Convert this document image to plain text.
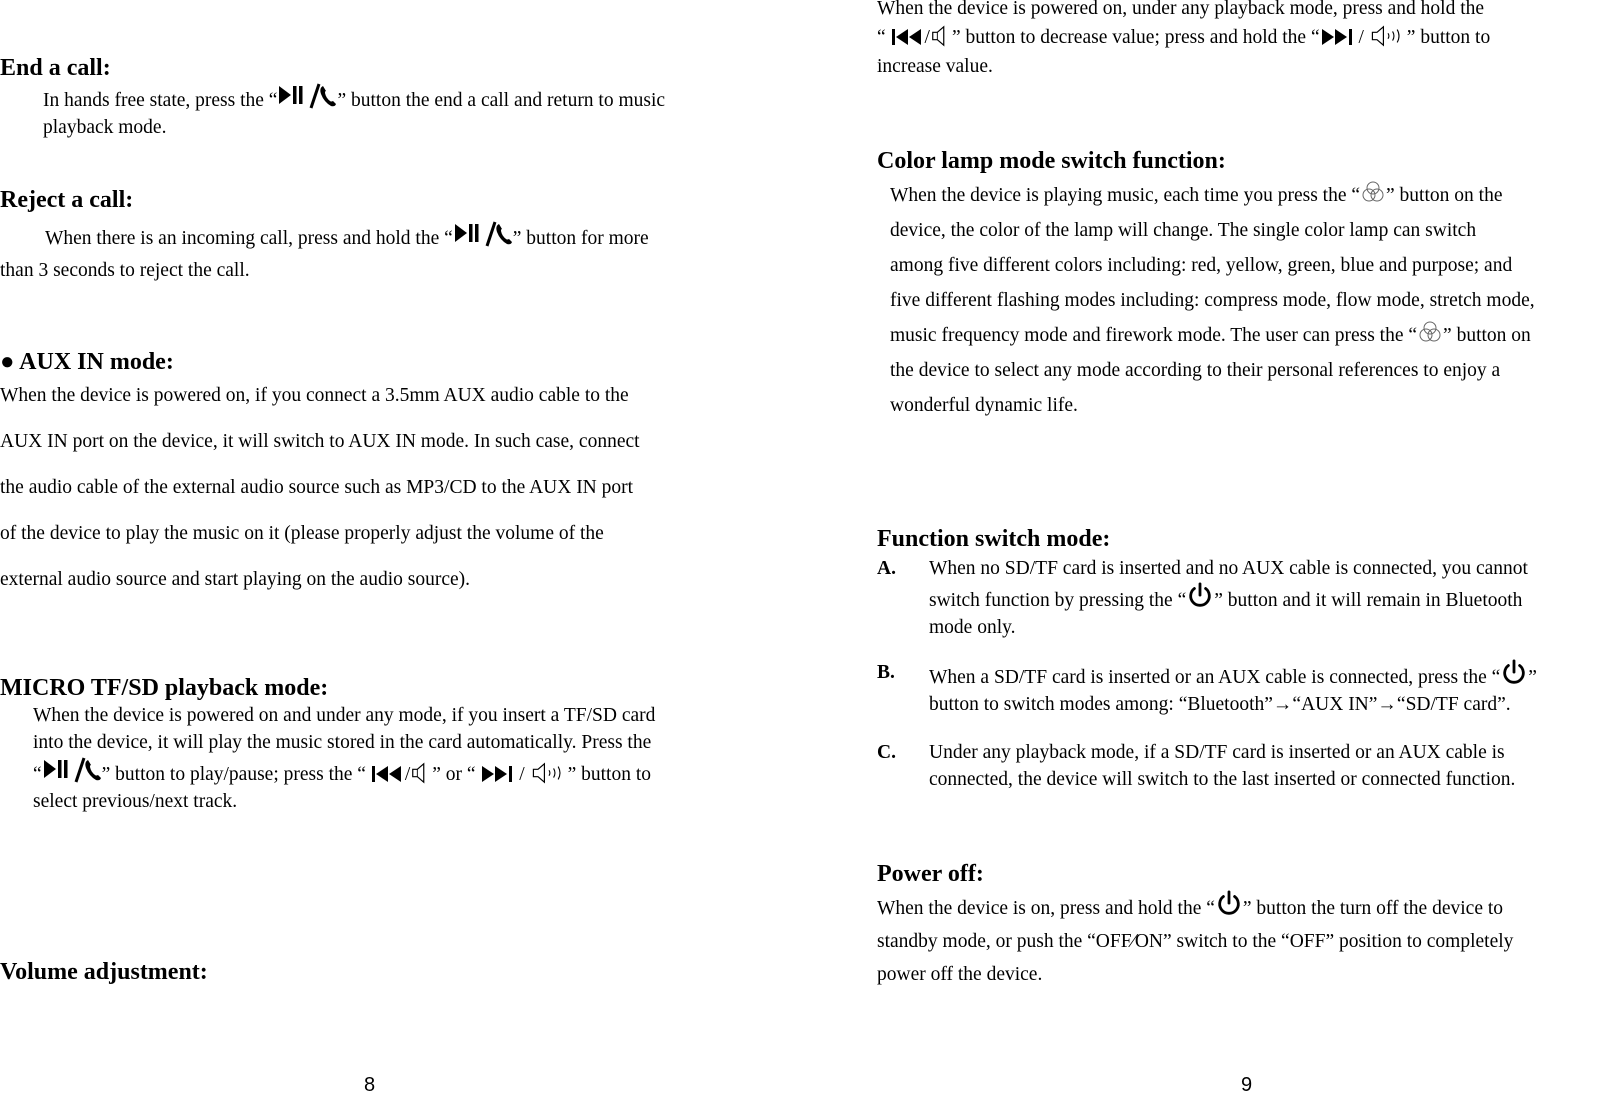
End a call:
In hands free state, press the “	” button the end a call and return to music
playback mode.
Reject a call:
When there is an incoming call, press and hold the “	” button for more
than 3 seconds to reject the call.
● AUX IN mode:
When the device is powered on, if you connect a 3.5mm AUX audio cable to the
AUX IN port on the device, it will switch to AUX IN mode. In such case, connect
the audio cable of the external audio source such as MP3/CD to the AUX IN port
of the device to play the music on it (please properly adjust the volume of the
external audio source and start playing on the audio source).
MICRO TF/SD playback mode:
When the device is powered on and under any mode, if you insert a TF/SD card
into the device, it will play the music stored in the card automatically. Press the
“	” button to play/pause; press the “
/ ” or “
/
” button to
select previous/next track.
Volume adjustment:
8
When the device is powered on, under any playback mode, press and hold the
“
/ ” button to decrease value; press and hold the “
/
” button to
increase value.
Color lamp mode switch function:
When the device is playing music, each time you press the “ ” button on the
device, the color of the lamp will change. The single color lamp can switch
among five different colors including: red, yellow, green, blue and purpose; and
five different flashing modes including: compress mode, flow mode, stretch mode,
music frequency mode and firework mode. The user can press the “ ” button on
the device to select any mode according to their personal references to enjoy a
wonderful dynamic life.
Function switch mode:
A. When no SD/TF card is inserted and no AUX cable is connected, you cannot
switch function by pressing the “ ” button and it will remain in Bluetooth
mode only.
B. When a SD/TF card is inserted or an AUX cable is connected, press the “ ”
button to switch modes among: “Bluetooth”→“AUX IN”→“SD/TF card”.
C. Under any playback mode, if a SD/TF card is inserted or an AUX cable is
connected, the device will switch to the last inserted or connected function.
Power off:
When the device is on, press and hold the “ ” button the turn off the device to
standby mode, or push the “OFF⁄ON” switch to the “OFF” position to completely
power off the device.
9
